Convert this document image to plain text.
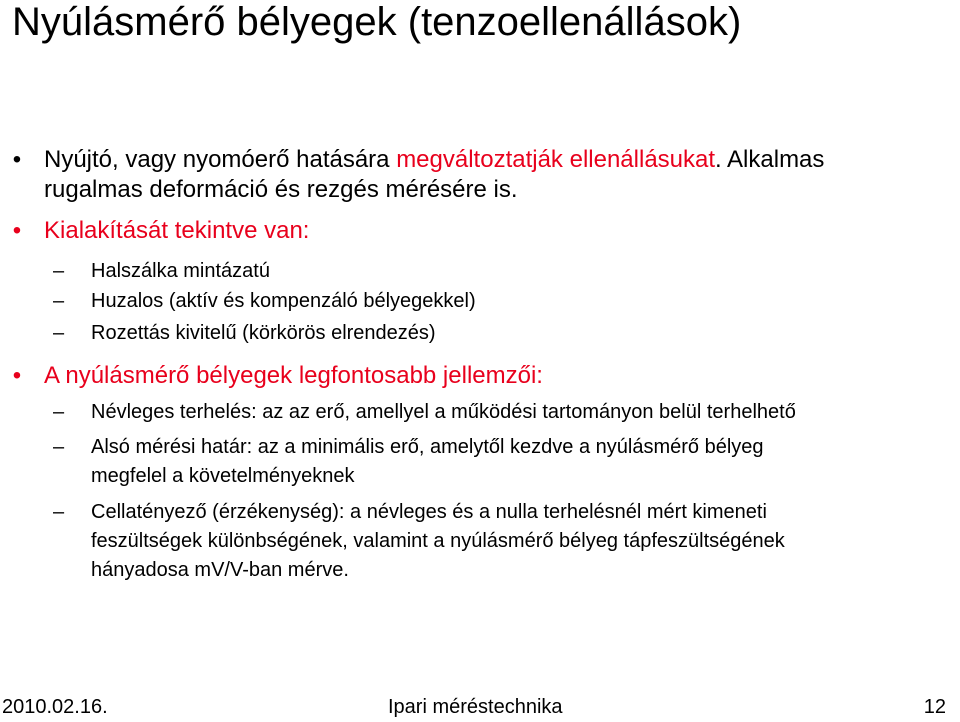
Nyúlásmérő bélyegek (tenzoellenállások)
• Nyújtó, vagy nyomóerő hatására megváltoztatják ellenállásukat. Alkalmas
rugalmas deformáció és rezgés mérésére is.
• Kialakítását tekintve van:
– Halszálka mintázatú
– Huzalos (aktív és kompenzáló bélyegekkel)
– Rozettás kivitelű (körkörös elrendezés)
• A nyúlásmérő bélyegek legfontosabb jellemzői:
– Névleges terhelés: az az erő, amellyel a működési tartományon belül terhelhető
– Alsó mérési határ: az a minimális erő, amelytől kezdve a nyúlásmérő bélyeg
megfelel a követelményeknek
– Cellatényező (érzékenység): a névleges és a nulla terhelésnél mért kimeneti
feszültségek különbségének, valamint a nyúlásmérő bélyeg tápfeszültségének
hányadosa mV/V-ban mérve.
2010.02.16.	Ipari méréstechnika	12
